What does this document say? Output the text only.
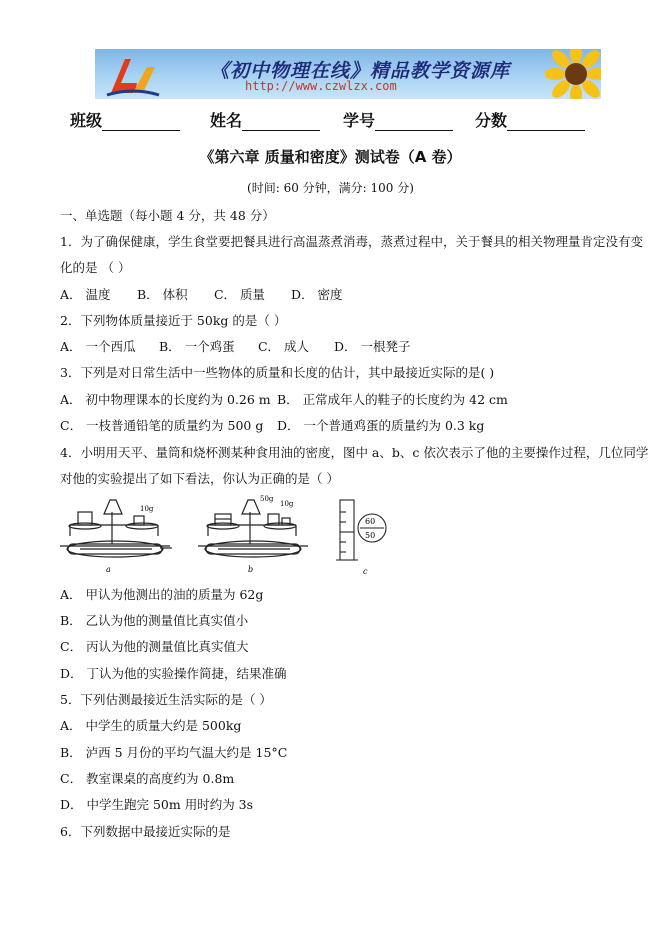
《初中物理在线》精品教学资源库
http://www.czwlzx.com
班级	姓名	学号	分数
《第六章 质量和密度》测试卷（A 卷）
(时间: 60 分钟，满分: 100 分)
一、单选题（每小题 4 分，共 48 分）
1．为了确保健康，学生食堂要把餐具进行高温蒸煮消毒，蒸煮过程中，关于餐具的相关物理量肯定没有变
化的是 （ ）
A． 温度 B． 体积 C． 质量 D． 密度
2．下列物体质量接近于 50kg 的是（ ）
A． 一个西瓜 B． 一个鸡蛋 C． 成人 D． 一根凳子
3．下列是对日常生活中一些物体的质量和长度的估计，其中最接近实际的是( )
A． 初中物理课本的长度约为 0.26 m B． 正常成年人的鞋子的长度约为 42 cm
C． 一枝普通铅笔的质量约为 500 g D． 一个普通鸡蛋的质量约为 0.3 kg
4．小明用天平、量筒和烧杯测某种食用油的密度，图中 a、b、c 依次表示了他的主要操作过程，几位同学
对他的实验提出了如下看法，你认为正确的是（ ）
10g
a
50g
10g
b
60
50
c
A． 甲认为他测出的油的质量为 62g
B． 乙认为他的测量值比真实值小
C． 丙认为他的测量值比真实值大
D． 丁认为他的实验操作简捷，结果准确
5．下列估测最接近生活实际的是（ ）
A． 中学生的质量大约是 500kg
B． 泸西 5 月份的平均气温大约是 15°C
C． 教室课桌的高度约为 0.8m
D． 中学生跑完 50m 用时约为 3s
6．下列数据中最接近实际的是
